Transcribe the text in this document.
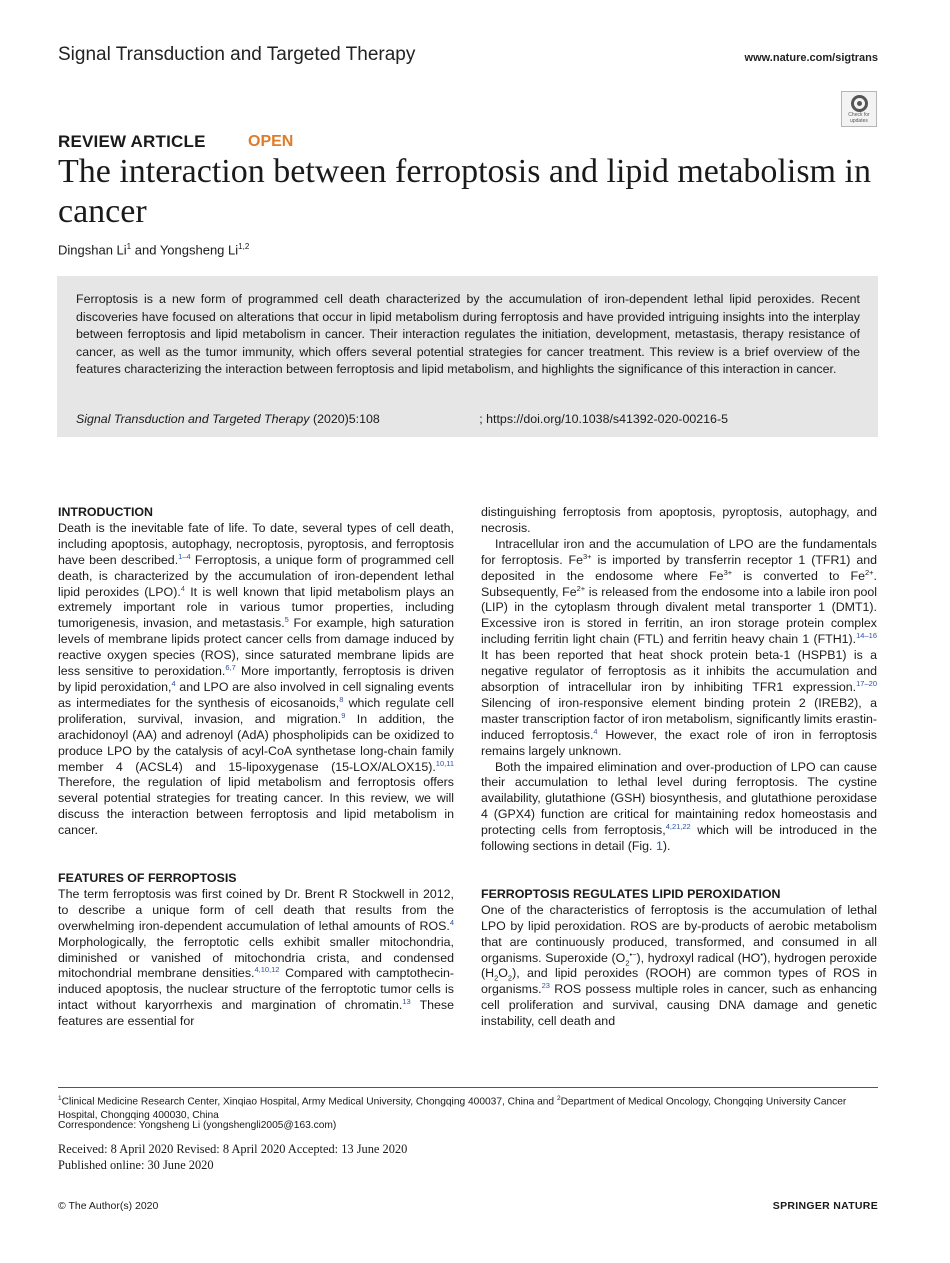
Signal Transduction and Targeted Therapy	www.nature.com/sigtrans
Check for
updates
REVIEW ARTICLE	OPEN
The interaction between ferroptosis and lipid metabolism in cancer
Dingshan Li$^1$ and Yongsheng Li$^{1,2}$

Ferroptosis is a new form of programmed cell death characterized by the accumulation of iron-dependent lethal lipid peroxides. Recent discoveries have focused on alterations that occur in lipid metabolism during ferroptosis and have provided intriguing insights into the interplay between ferroptosis and lipid metabolism in cancer. Their interaction regulates the initiation, development, metastasis, therapy resistance of cancer, as well as the tumor immunity, which offers several potential strategies for cancer treatment. This review is a brief overview of the features characterizing the interaction between ferroptosis and lipid metabolism, and highlights the significance of this interaction in cancer.

Signal Transduction and Targeted Therapy (2020)5:108	; https://doi.org/10.1038/s41392-020-00216-5
INTRODUCTION

Death is the inevitable fate of life. To date, several types of cell death, including apoptosis, autophagy, necroptosis, pyroptosis, and ferroptosis have been described.$^{1-4}$ Ferroptosis, a unique form of programmed cell death, is characterized by the accumulation of iron-dependent lethal lipid peroxides (LPO).$^4$ It is well known that lipid metabolism plays an extremely important role in various tumor properties, including tumorigenesis, invasion, and metastasis.$^5$ For example, high saturation levels of membrane lipids protect cancer cells from damage induced by reactive oxygen species (ROS), since saturated membrane lipids are less sensitive to peroxidation.$^{6,7}$ More importantly, ferroptosis is driven by lipid peroxidation,$^4$ and LPO are also involved in cell signaling events as intermediates for the synthesis of eicosanoids,$^8$ which regulate cell proliferation, survival, invasion, and migration.$^9$ In addition, the arachidonoyl (AA) and adrenoyl (AdA) phospholipids can be oxidized to produce LPO by the catalysis of acyl-CoA synthetase long-chain family member 4 (ACSL4) and 15-lipoxygenase (15-LOX/ALOX15).$^{10,11}$ Therefore, the regulation of lipid metabolism and ferroptosis offers several potential strategies for treating cancer. In this review, we will discuss the interaction between ferroptosis and lipid metabolism in cancer.

FEATURES OF FERROPTOSIS

The term ferroptosis was first coined by Dr. Brent R Stockwell in 2012, to describe a unique form of cell death that results from the overwhelming iron-dependent accumulation of lethal amounts of ROS.$^4$ Morphologically, the ferroptotic cells exhibit smaller mitochondria, diminished or vanished of mitochondria crista, and condensed mitochondrial membrane densities.$^{4,10,12}$ Compared with camptothecin-induced apoptosis, the nuclear structure of the ferroptotic tumor cells is intact without karyorrhexis and margination of chromatin.$^{13}$ These features are essential for

distinguishing ferroptosis from apoptosis, pyroptosis, autophagy, and necrosis.

Intracellular iron and the accumulation of LPO are the fundamentals for ferroptosis. $Fe^{3+}$ is imported by transferrin receptor 1 (TFR1) and deposited in the endosome where $Fe^{3+}$ is converted to $Fe^{2+}$. Subsequently, $Fe^{2+}$ is released from the endosome into a labile iron pool (LIP) in the cytoplasm through divalent metal transporter 1 (DMT1). Excessive iron is stored in ferritin, an iron storage protein complex including ferritin light chain (FTL) and ferritin heavy chain 1 (FTH1).$^{14-16}$ It has been reported that heat shock protein beta-1 (HSPB1) is a negative regulator of ferroptosis as it inhibits the accumulation and absorption of intracellular iron by inhibiting TFR1 expression.$^{17-20}$ Silencing of iron-responsive element binding protein 2 (IREB2), a master transcription factor of iron metabolism, significantly limits erastin-induced ferroptosis.$^4$ However, the exact role of iron in ferroptosis remains largely unknown.

Both the impaired elimination and over-production of LPO can cause their accumulation to lethal level during ferroptosis. The cystine availability, glutathione (GSH) biosynthesis, and glutathione peroxidase 4 (GPX4) function are critical for maintaining redox homeostasis and protecting cells from ferroptosis,$^{4,21,22}$ which will be introduced in the following sections in detail (Fig. 1).

FERROPTOSIS REGULATES LIPID PEROXIDATION

One of the characteristics of ferroptosis is the accumulation of lethal LPO by lipid peroxidation. ROS are by-products of aerobic metabolism that are continuously produced, transformed, and consumed in all organisms. Superoxide $(O_2^{•-})$, hydroxyl radical (HO•), hydrogen peroxide $(H_2O_2)$, and lipid peroxides (ROOH) are common types of ROS in organisms.$^{23}$ ROS possess multiple roles in cancer, such as enhancing cell proliferation and survival, causing DNA damage and genetic instability, cell death and

$^1$Clinical Medicine Research Center, Xinqiao Hospital, Army Medical University, Chongqing 400037, China and $^2$Department of Medical Oncology, Chongqing University Cancer Hospital, Chongqing 400030, China
Correspondence: Yongsheng Li (yongshengli2005@163.com)
Received: 8 April 2020 Revised: 8 April 2020 Accepted: 13 June 2020
Published online: 30 June 2020
© The Author(s) 2020	SPRINGER NATURE
